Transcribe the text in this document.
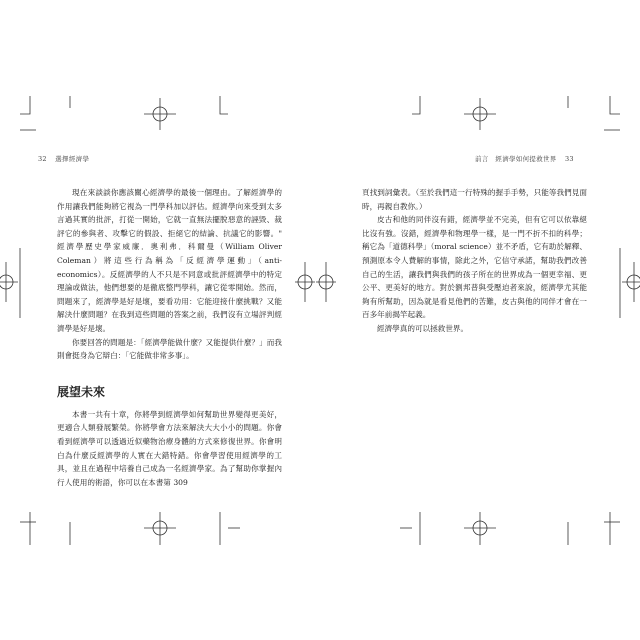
32 選擇經濟學	前言　經濟學如何提救世界 33

現在來談談你應該關心經濟學的最後一個理由。了解經濟學的作用讓我們能夠將它視為一門學科加以評估。經濟學向來受到太多言過其實的批評，打從一開始，它就一直無法擺脫惡意的誣毀、裁評它的參與者、攻擊它的假設、拒絕它的結論、抗議它的影響。" 經濟學歷史學家威廉．奧利弗．科爾曼（William Oliver Coleman）將這些行為稱為「反經濟學運動」（anti-economics）。反經濟學的人不只是不同意或批評經濟學中的特定理論或做法，他們想要的是徹底整門學科，讓它從零開始。然而，問題來了，經濟學是好是壞，要看功用：它能迎接什麼挑戰？又能解決什麼問題？在我到這些問題的答案之前，我們沒有立場評判經濟學是好是壞。

你要回答的問題是：「經濟學能做什麼？又能提供什麼？」而我則會挺身為它辯白：「它能做非常多事」。

展望未來

本書一共有十章，你將學到經濟學如何幫助世界變得更美好，更適合人類發展繁榮。你將學會方法來解決大大小小的問題。你會看到經濟學可以透過近似藥物治療身體的方式來修復世界。你會明白為什麼反經濟學的人實在大錯特錯。你會學習使用經濟學的工具，並且在過程中培養自己成為一名經濟學家。為了幫助你掌握內行人使用的術語，你可以在本書第 309

頁找到詞彙表。（至於我們這一行特殊的握手手勢，只能等我們見面時，再親自教你。）

皮古和他的同伴沒有錯，經濟學並不完美，但有它可以依靠絕比沒有強。沒錯，經濟學和物理學一樣，是一門不折不扣的科學；稱它為「道德科學」（moral science）並不矛盾，它有助於解釋、預測原本令人費解的事情，除此之外，它信守承諾，幫助我們改善自己的生活，讓我們與我們的孩子所在的世界成為一個更幸福、更公平、更美好的地方。對於劉邦普與受壓迫者來說，經濟學尤其能夠有所幫助，因為就是看見他們的苦難，皮古與他的同伴才會在一百多年前揭竿起義。

經濟學真的可以拯救世界。
